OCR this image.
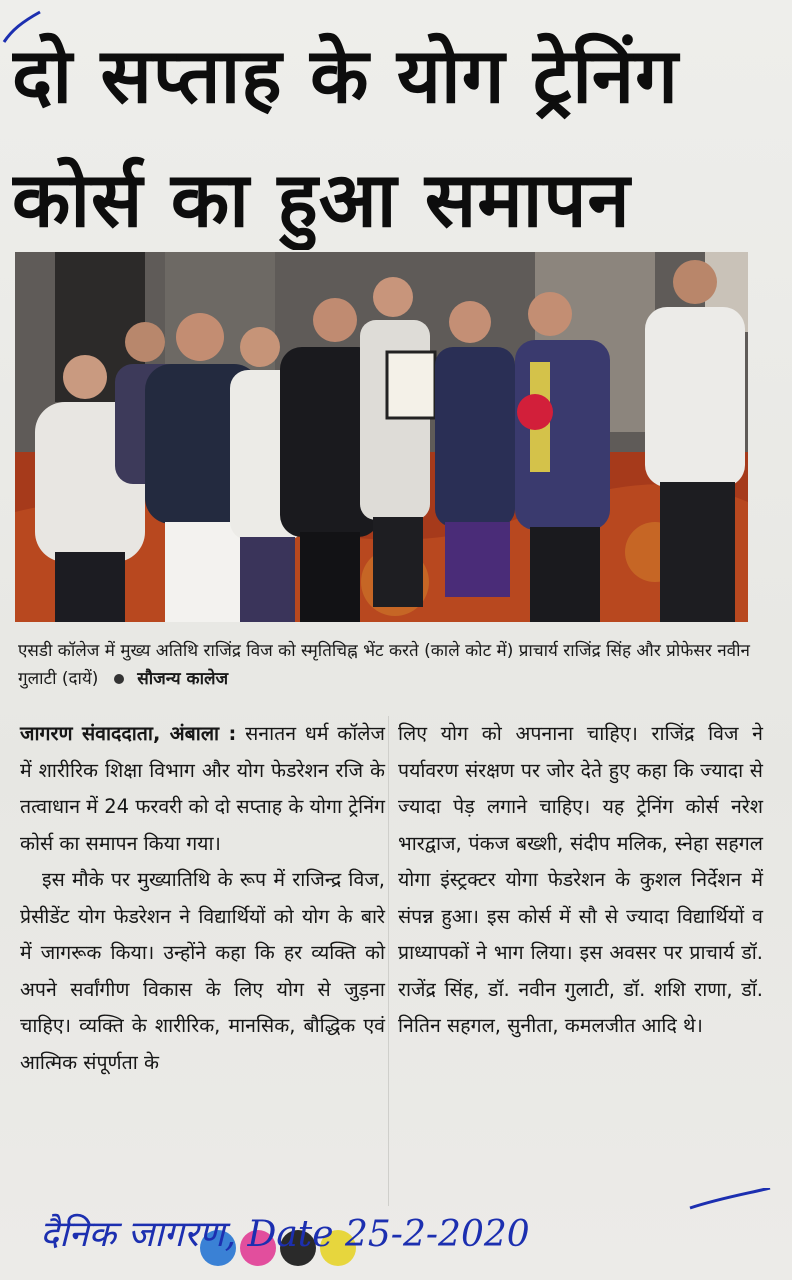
दो सप्ताह के योग ट्रेनिंग
कोर्स का हुआ समापन
एसडी कॉलेज में मुख्य अतिथि राजिंद्र विज को स्मृतिचिह्न भेंट करते (काले कोट में) प्राचार्य राजिंद्र सिंह और प्रोफेसर नवीन गुलाटी (दायें) सौजन्य कालेज

जागरण संवाददाता, अंबाला : सनातन धर्म कॉलेज में शारीरिक शिक्षा विभाग और योग फेडरेशन रजि के तत्वाधान में 24 फरवरी को दो सप्ताह के योगा ट्रेनिंग कोर्स का समापन किया गया।

इस मौके पर मुख्यातिथि के रूप में राजिन्द्र विज, प्रेसीडेंट योग फेडरेशन ने विद्यार्थियों को योग के बारे में जागरूक किया। उन्होंने कहा कि हर व्यक्ति को अपने सर्वांगीण विकास के लिए योग से जुड़ना चाहिए। व्यक्ति के शारीरिक, मानसिक, बौद्धिक एवं आत्मिक संपूर्णता के

लिए योग को अपनाना चाहिए। राजिंद्र विज ने पर्यावरण संरक्षण पर जोर देते हुए कहा कि ज्यादा से ज्यादा पेड़ लगाने चाहिए। यह ट्रेनिंग कोर्स नरेश भारद्वाज, पंकज बख्शी, संदीप मलिक, स्नेहा सहगल योगा इंस्ट्रक्टर योगा फेडरेशन के कुशल निर्देशन में संपन्न हुआ। इस कोर्स में सौ से ज्यादा विद्यार्थियों व प्राध्यापकों ने भाग लिया। इस अवसर पर प्राचार्य डॉ. राजेंद्र सिंह, डॉ. नवीन गुलाटी, डॉ. शशि राणा, डॉ. नितिन सहगल, सुनीता, कमलजीत आदि थे।

दैनिक जागरण, Date 25-2-2020
